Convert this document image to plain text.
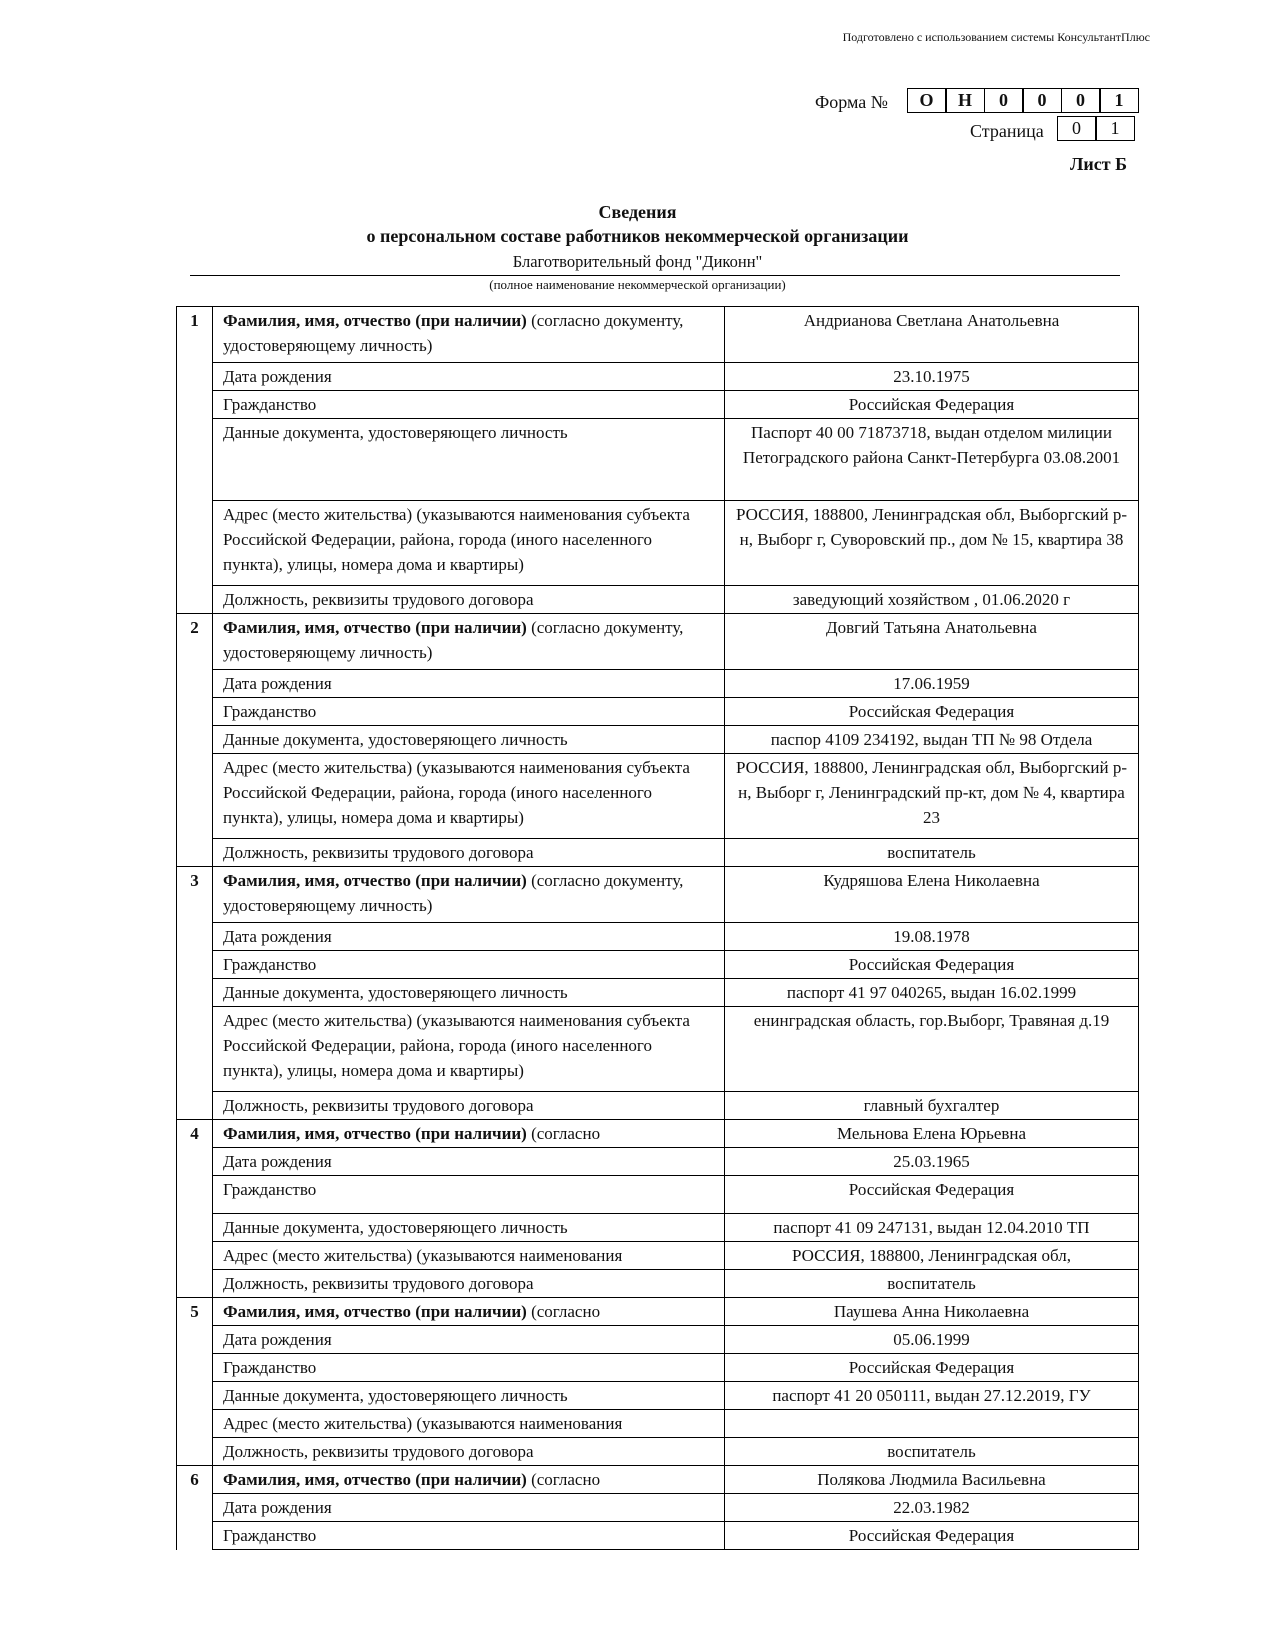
Подготовлено с использованием системы КонсультантПлюс
Форма №	О	Н	0	0	0	1
Страница	0	1
Лист Б
Сведения
о персональном составе работников некоммерческой организации
Благотворительный фонд "Диконн"
(полное наименование некоммерческой организации)
1	Фамилия, имя, отчество (при наличии) (согласно документу, удостоверяющему личность)	Андрианова Светлана Анатольевна
	Дата рождения	23.10.1975
	Гражданство	Российская Федерация
	Данные документа, удостоверяющего личность	Паспорт 40 00 71873718, выдан отделом милиции Петоградского района Санкт-Петербурга 03.08.2001
	Адрес (место жительства) (указываются наименования субъекта Российской Федерации, района, города (иного населенного пункта), улицы, номера дома и квартиры)	РОССИЯ, 188800, Ленинградская обл, Выборгский р-н, Выборг г, Суворовский пр., дом № 15, квартира 38
	Должность, реквизиты трудового договора	заведующий хозяйством , 01.06.2020 г
2	Фамилия, имя, отчество (при наличии) (согласно документу, удостоверяющему личность)	Довгий Татьяна Анатольевна
	Дата рождения	17.06.1959
	Гражданство	Российская Федерация
	Данные документа, удостоверяющего личность	паспор 4109 234192, выдан ТП № 98 Отдела
	Адрес (место жительства) (указываются наименования субъекта Российской Федерации, района, города (иного населенного пункта), улицы, номера дома и квартиры)	РОССИЯ, 188800, Ленинградская обл, Выборгский р-н, Выборг г, Ленинградский пр-кт, дом № 4, квартира 23
	Должность, реквизиты трудового договора	воспитатель
3	Фамилия, имя, отчество (при наличии) (согласно документу, удостоверяющему личность)	Кудряшова Елена Николаевна
	Дата рождения	19.08.1978
	Гражданство	Российская Федерация
	Данные документа, удостоверяющего личность	паспорт 41 97 040265, выдан 16.02.1999
	Адрес (место жительства) (указываются наименования субъекта Российской Федерации, района, города (иного населенного пункта), улицы, номера дома и квартиры)	енинградская область, гор.Выборг, Травяная д.19
	Должность, реквизиты трудового договора	главный бухгалтер
4	Фамилия, имя, отчество (при наличии) (согласно	Мельнова Елена Юрьевна
	Дата рождения	25.03.1965
	Гражданство	Российская Федерация
	Данные документа, удостоверяющего личность	паспорт 41 09 247131, выдан 12.04.2010 ТП
	Адрес (место жительства) (указываются наименования	РОССИЯ, 188800, Ленинградская обл,
	Должность, реквизиты трудового договора	воспитатель
5	Фамилия, имя, отчество (при наличии) (согласно	Паушева Анна Николаевна
	Дата рождения	05.06.1999
	Гражданство	Российская Федерация
	Данные документа, удостоверяющего личность	паспорт 41 20 050111, выдан 27.12.2019, ГУ
	Адрес (место жительства) (указываются наименования	
	Должность, реквизиты трудового договора	воспитатель
6	Фамилия, имя, отчество (при наличии) (согласно	Полякова Людмила Васильевна
	Дата рождения	22.03.1982
	Гражданство	Российская Федерация
